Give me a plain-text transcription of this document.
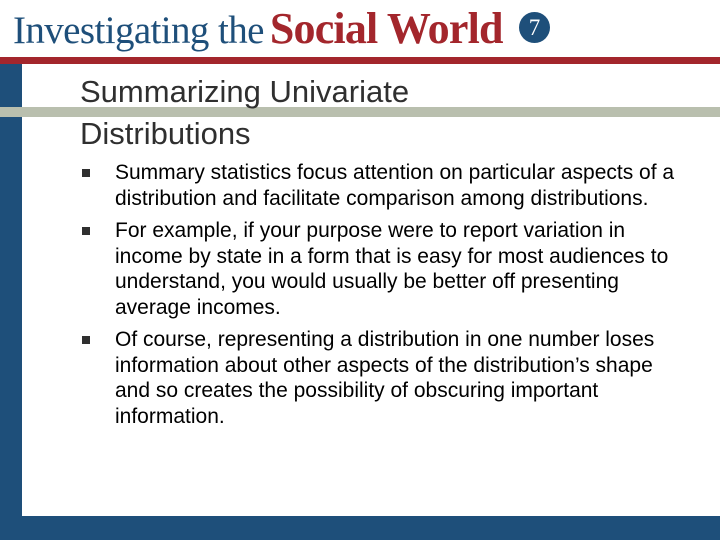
Investigating the Social World	7
Summarizing Univariate Distributions
Summary statistics focus attention on particular aspects of a distribution and facilitate comparison among distributions.
For example, if your purpose were to report variation in income by state in a form that is easy for most audiences to understand, you would usually be better off presenting average incomes.
Of course, representing a distribution in one number loses information about other aspects of the distribution’s shape and so creates the possibility of obscuring important information.
